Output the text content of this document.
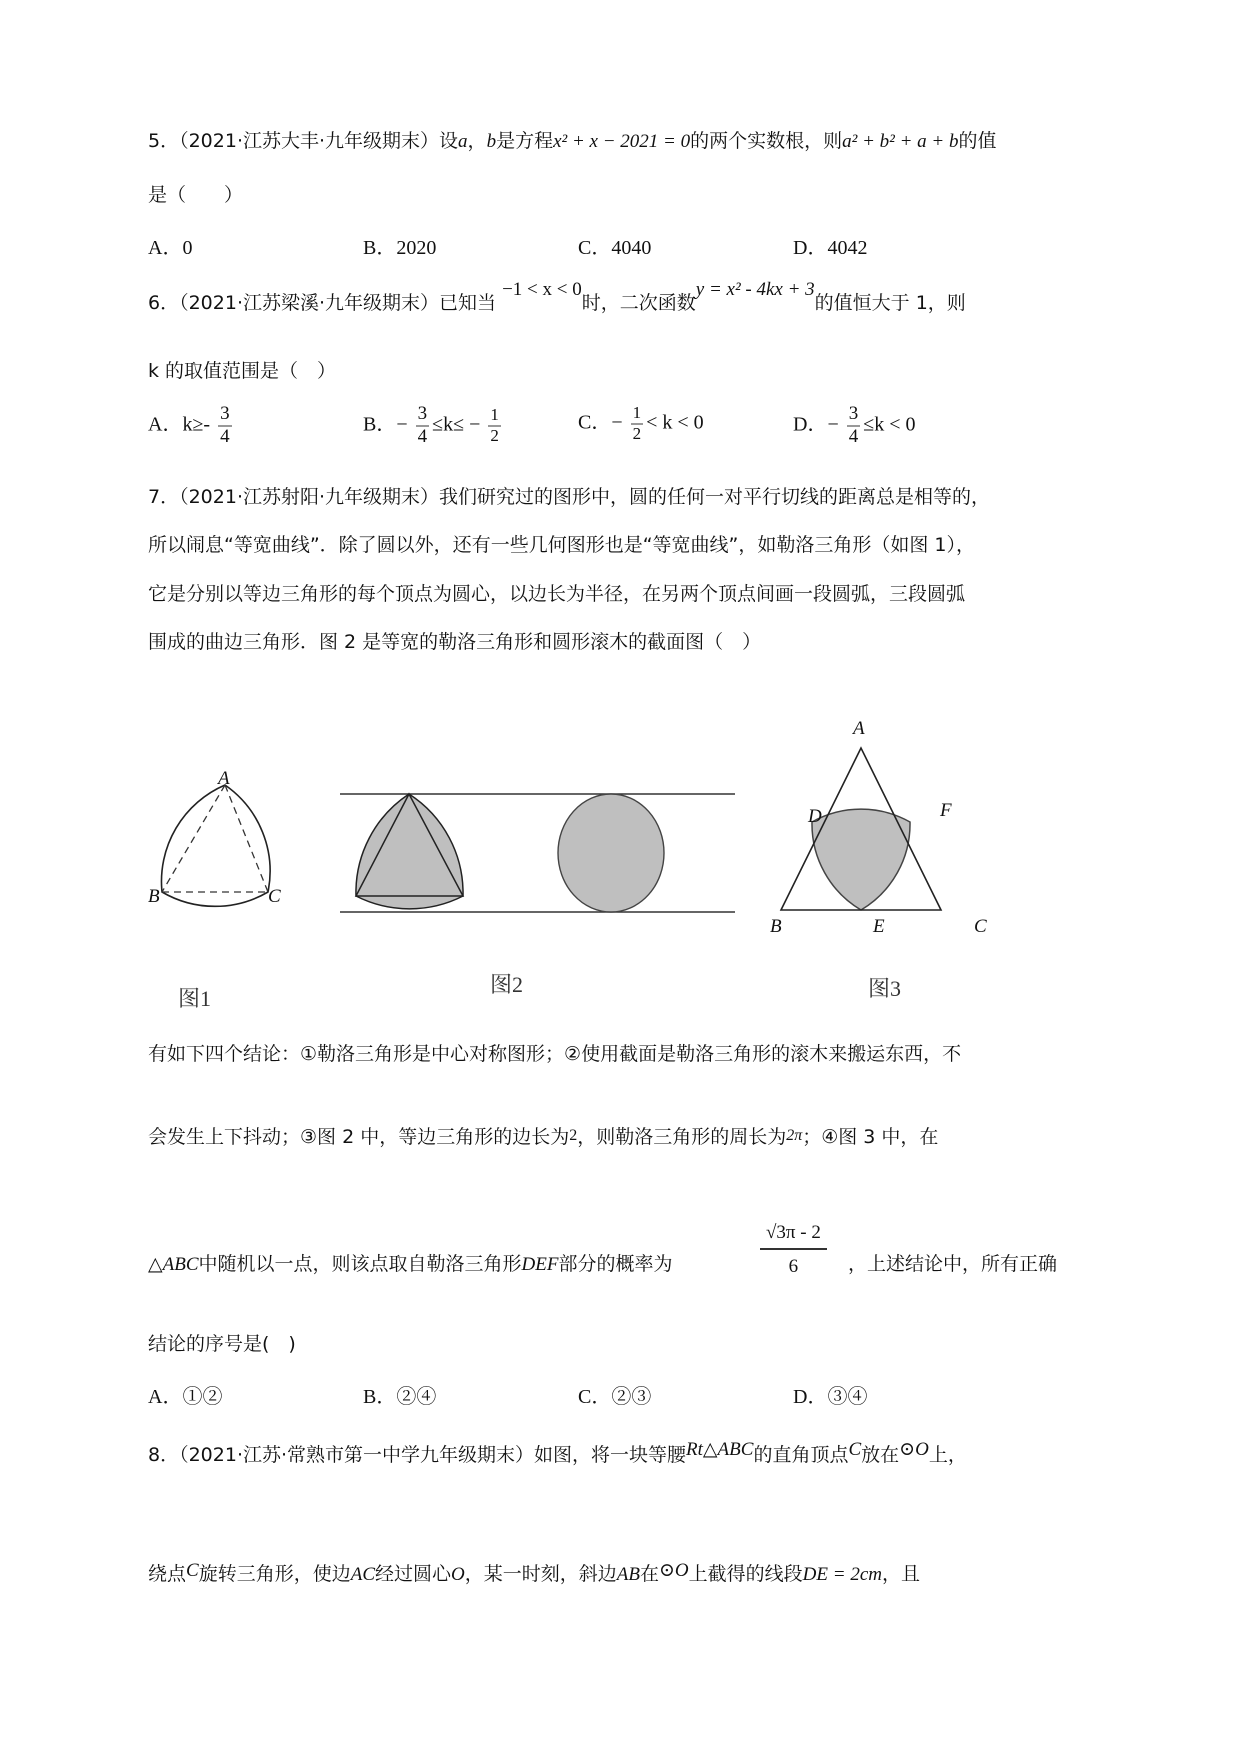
5．（2021·江苏大丰·九年级期末）设a，b是方程x² + x − 2021 = 0的两个实数根，则a² + b² + a + b的值
是（　　）
A．0	B．2020	C．4040	D．4042
6．（2021·江苏梁溪·九年级期末）已知当 −1 < x < 0时，二次函数y = x² - 4kx + 3的值恒大于 1，则
k 的取值范围是（　）
A．$k\ge- \frac{3}{4}$	B．− $\frac{3}{4} \le k\le - \frac{1}{2}$	C．− $\frac{1}{2} < k < 0$	D．− $\frac{3}{4} \le k < 0$
7．（2021·江苏射阳·九年级期末）我们研究过的图形中，圆的任何一对平行切线的距离总是相等的，
所以闹息“等宽曲线”．除了圆以外，还有一些几何图形也是“等宽曲线”，如勒洛三角形（如图 1），
它是分别以等边三角形的每个顶点为圆心，以边长为半径，在另两个顶点间画一段圆弧，三段圆弧
围成的曲边三角形．图 2 是等宽的勒洛三角形和圆形滚木的截面图（　）
A
B	C
图1
图2
A
D	F
B	E	C
图3
有如下四个结论：①勒洛三角形是中心对称图形；②使用截面是勒洛三角形的滚木来搬运东西，不
会发生上下抖动；③图 2 中，等边三角形的边长为2，则勒洛三角形的周长为2π；④图 3 中，在
△ABC中随机以一点，则该点取自勒洛三角形DEF部分的概率为	$\frac{√3\pi - 2}{6}$ ，上述结论中，所有正确
结论的序号是(　)
A．①②	B．②④	C．②③	D．③④
8．（2021·江苏·常熟市第一中学九年级期末）如图，将一块等腰Rt△ABC的直角顶点C放在⊙O上，
绕点C旋转三角形，使边AC经过圆心O，某一时刻，斜边AB在⊙O上截得的线段DE = 2cm，且
